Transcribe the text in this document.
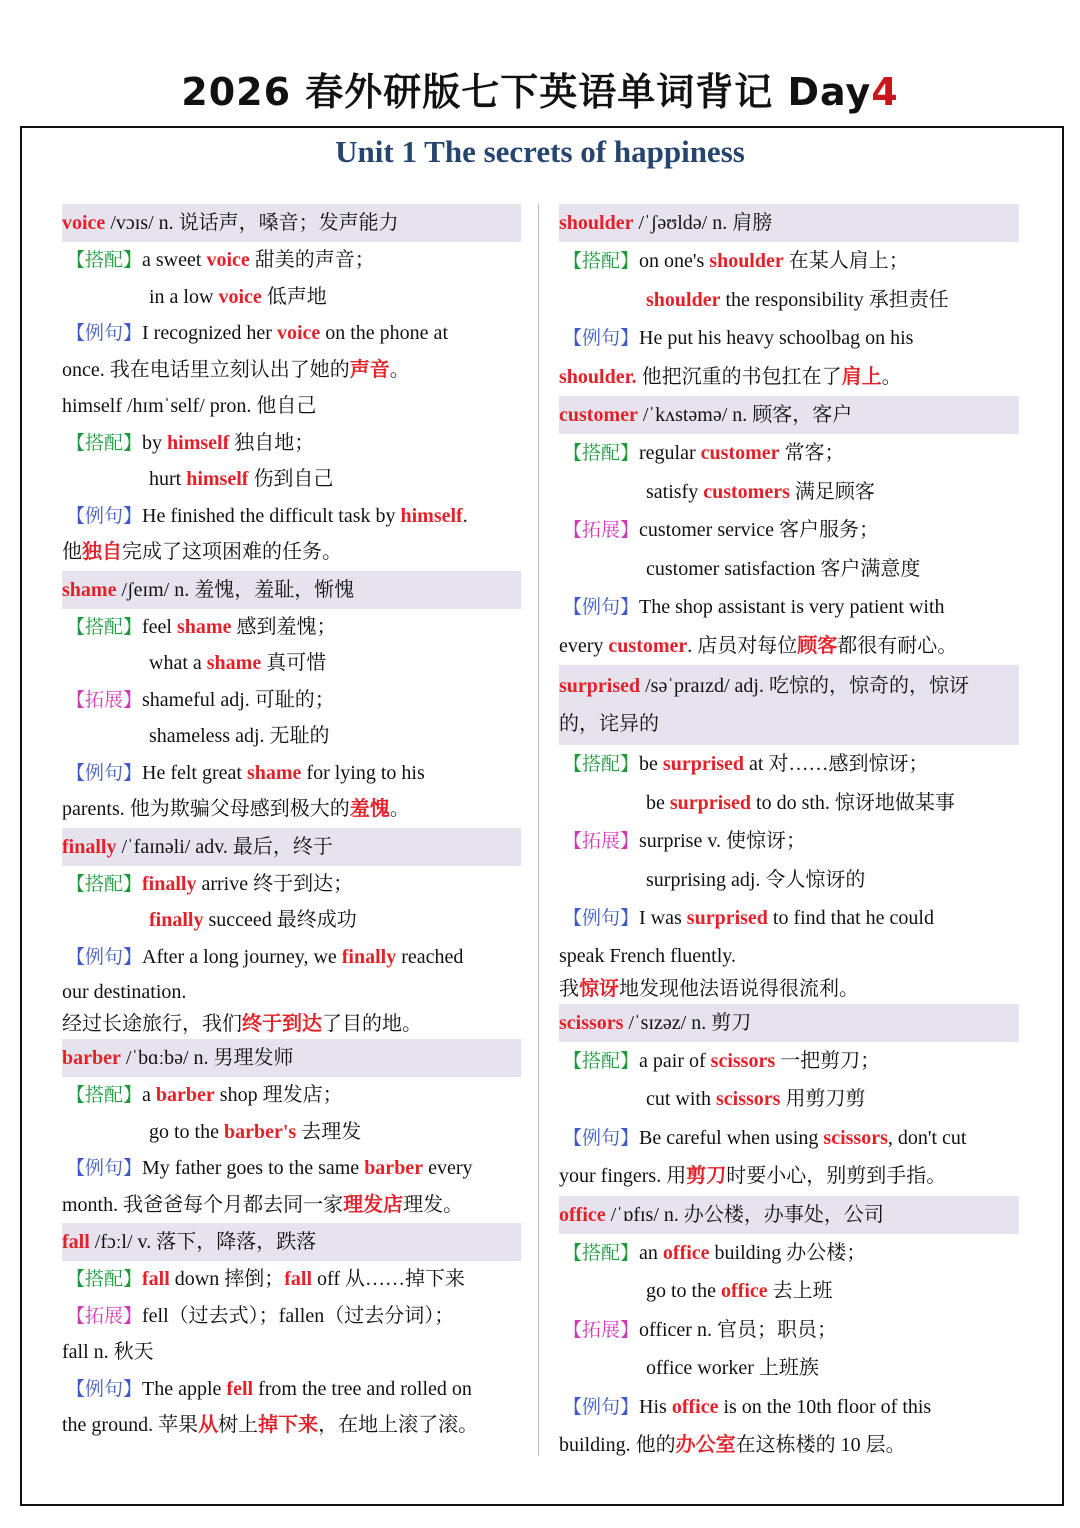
2026 春外研版七下英语单词背记 Day4
Unit 1 The secrets of happiness
voice /vɔɪs/ n. 说话声，嗓音；发声能力
【搭配】a sweet voice 甜美的声音；
in a low voice 低声地
【例句】I recognized her voice on the phone at
once. 我在电话里立刻认出了她的声音。
himself /hɪmˈself/ pron. 他自己
【搭配】by himself 独自地；
hurt himself 伤到自己
【例句】He finished the difficult task by himself.
他独自完成了这项困难的任务。
shame /ʃeɪm/ n. 羞愧，羞耻，惭愧
【搭配】feel shame 感到羞愧；
what a shame 真可惜
【拓展】shameful adj. 可耻的；
shameless adj. 无耻的
【例句】He felt great shame for lying to his
parents. 他为欺骗父母感到极大的羞愧。
finally /ˈfaɪnəli/ adv. 最后，终于
【搭配】finally arrive 终于到达；
finally succeed 最终成功
【例句】After a long journey, we finally reached
our destination.
经过长途旅行，我们终于到达了目的地。
barber /ˈbɑːbə/ n. 男理发师
【搭配】a barber shop 理发店；
go to the barber's 去理发
【例句】My father goes to the same barber every
month. 我爸爸每个月都去同一家理发店理发。
fall /fɔːl/ v. 落下，降落，跌落
【搭配】fall down 摔倒；fall off 从……掉下来
【拓展】fell（过去式）；fallen（过去分词）；
fall n. 秋天
【例句】The apple fell from the tree and rolled on
the ground. 苹果从树上掉下来，在地上滚了滚。
shoulder /ˈʃəʊldə/ n. 肩膀
【搭配】on one's shoulder 在某人肩上；
shoulder the responsibility 承担责任
【例句】He put his heavy schoolbag on his
shoulder. 他把沉重的书包扛在了肩上。
customer /ˈkʌstəmə/ n. 顾客，客户
【搭配】regular customer 常客；
satisfy customers 满足顾客
【拓展】customer service 客户服务；
customer satisfaction 客户满意度
【例句】The shop assistant is very patient with
every customer. 店员对每位顾客都很有耐心。
surprised /səˈpraɪzd/ adj. 吃惊的，惊奇的，惊讶
的，诧异的
【搭配】be surprised at 对……感到惊讶；
be surprised to do sth. 惊讶地做某事
【拓展】surprise v. 使惊讶；
surprising adj. 令人惊讶的
【例句】I was surprised to find that he could
speak French fluently.
我惊讶地发现他法语说得很流利。
scissors /ˈsɪzəz/ n. 剪刀
【搭配】a pair of scissors 一把剪刀；
cut with scissors 用剪刀剪
【例句】Be careful when using scissors, don't cut
your fingers. 用剪刀时要小心，别剪到手指。
office /ˈɒfɪs/ n. 办公楼，办事处，公司
【搭配】an office building 办公楼；
go to the office 去上班
【拓展】officer n. 官员；职员；
office worker 上班族
【例句】His office is on the 10th floor of this
building. 他的办公室在这栋楼的 10 层。
